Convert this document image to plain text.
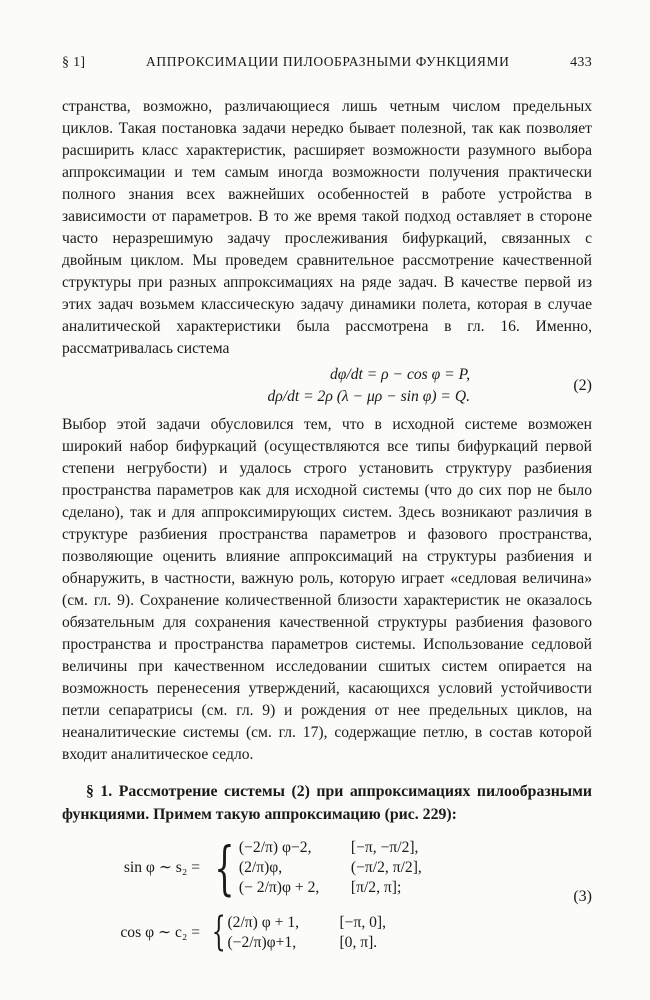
§ 1]	АППРОКСИМАЦИИ ПИЛООБРАЗНЫМИ ФУНКЦИЯМИ	433

странства, возможно, различающиеся лишь четным числом предельных циклов. Такая постановка задачи нередко бывает полезной, так как позволяет расширить класс характеристик, расширяет возможности разумного выбора аппроксимации и тем самым иногда возможности получения практически полного знания всех важнейших особенностей в работе устройства в зависимости от параметров. В то же время такой подход оставляет в стороне часто неразрешимую задачу прослеживания бифуркаций, связанных с двойным циклом. Мы проведем сравнительное рассмотрение качественной структуры при разных аппроксимациях на ряде задач. В качестве первой из этих задач возьмем классическую задачу динамики полета, которая в случае аналитической характеристики была рассмотрена в гл. 16. Именно, рассматривалась система

dφ/dt = ρ − cos φ = P,
dρ/dt = 2ρ (λ − μρ − sin φ) = Q.
(2)

Выбор этой задачи обусловился тем, что в исходной системе возможен широкий набор бифуркаций (осуществляются все типы бифуркаций первой степени негрубости) и удалось строго установить структуру разбиения пространства параметров как для исходной системы (что до сих пор не было сделано), так и для аппроксимирующих систем. Здесь возникают различия в структуре разбиения пространства параметров и фазового пространства, позволяющие оценить влияние аппроксимаций на структуры разбиения и обнаружить, в частности, важную роль, которую играет «седловая величина» (см. гл. 9). Сохранение количественной близости характеристик не оказалось обязательным для сохранения качественной структуры разбиения фазового пространства и пространства параметров системы. Использование седловой величины при качественном исследовании сшитых систем опирается на возможность перенесения утверждений, касающихся условий устойчивости петли сепаратрисы (см. гл. 9) и рождения от нее предельных циклов, на неаналитические системы (см. гл. 17), содержащие петлю, в состав которой входит аналитическое седло.

§ 1. Рассмотрение системы (2) при аппроксимациях пилообразными функциями. Примем такую аппроксимацию (рис. 229):
sin φ ∼ s₂ = { (−2/π) φ−2,	[−π, −π/2],
(2/π)φ,	(−π/2, π/2],
(− 2/π)φ + 2,	[π/2, π];
cos φ ∼ c₂ = { (2/π) φ + 1,	[−π, 0],
(−2/π)φ+1,	[0, π].
(3)
